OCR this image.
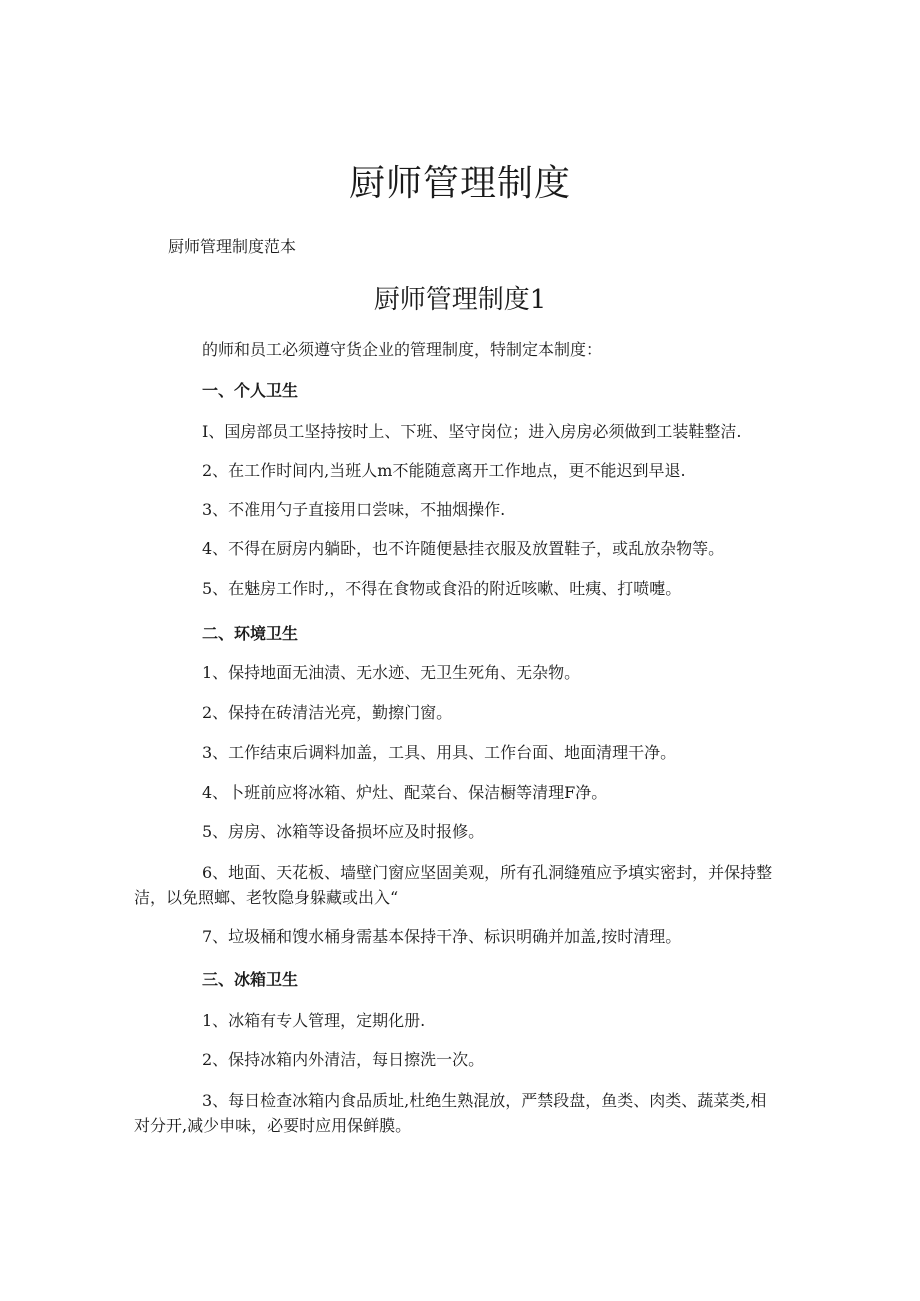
厨师管理制度
厨师管理制度范本
厨师管理制度1
的师和员工必须遵守货企业的管理制度，特制定本制度：
一、个人卫生
I、国房部员工坚持按时上、下班、坚守岗位；进入房房必须做到工装鞋整洁.
2、在工作时间内,当班人m不能随意离开工作地点，更不能迟到早退.
3、不准用勺子直接用口尝味，不抽烟操作.
4、不得在厨房内躺卧，也不许随便悬挂衣服及放置鞋子，或乱放杂物等。
5、在魅房工作时,，不得在食物或食沿的附近咳嗽、吐痍、打喷嚏。
二、环境卫生
1、保持地面无油渍、无水迹、无卫生死角、无杂物。
2、保持在砖清洁光亮，勤擦门窗。
3、工作结束后调料加盖，工具、用具、工作台面、地面清理干净。
4、卜班前应将冰箱、炉灶、配菜台、保洁橱等清理F净。
5、房房、冰箱等设备损坏应及时报修。
6、地面、天花板、墙壁门窗应坚固美观，所有孔洞缝殖应予填实密封，并保持整洁，以免照螂、老牧隐身躲藏或出入“
7、垃圾桶和馊水桶身需基本保持干净、标识明确并加盖,按时清理。
三、冰箱卫生
1、冰箱有专人管理，定期化册.
2、保持冰箱内外清洁，每日擦洗一次。
3、每日检查冰箱内食品质址,杜绝生熟混放，严禁段盘，鱼类、肉类、蔬菜类,相对分开,减少申味，必要时应用保鲜膜。
